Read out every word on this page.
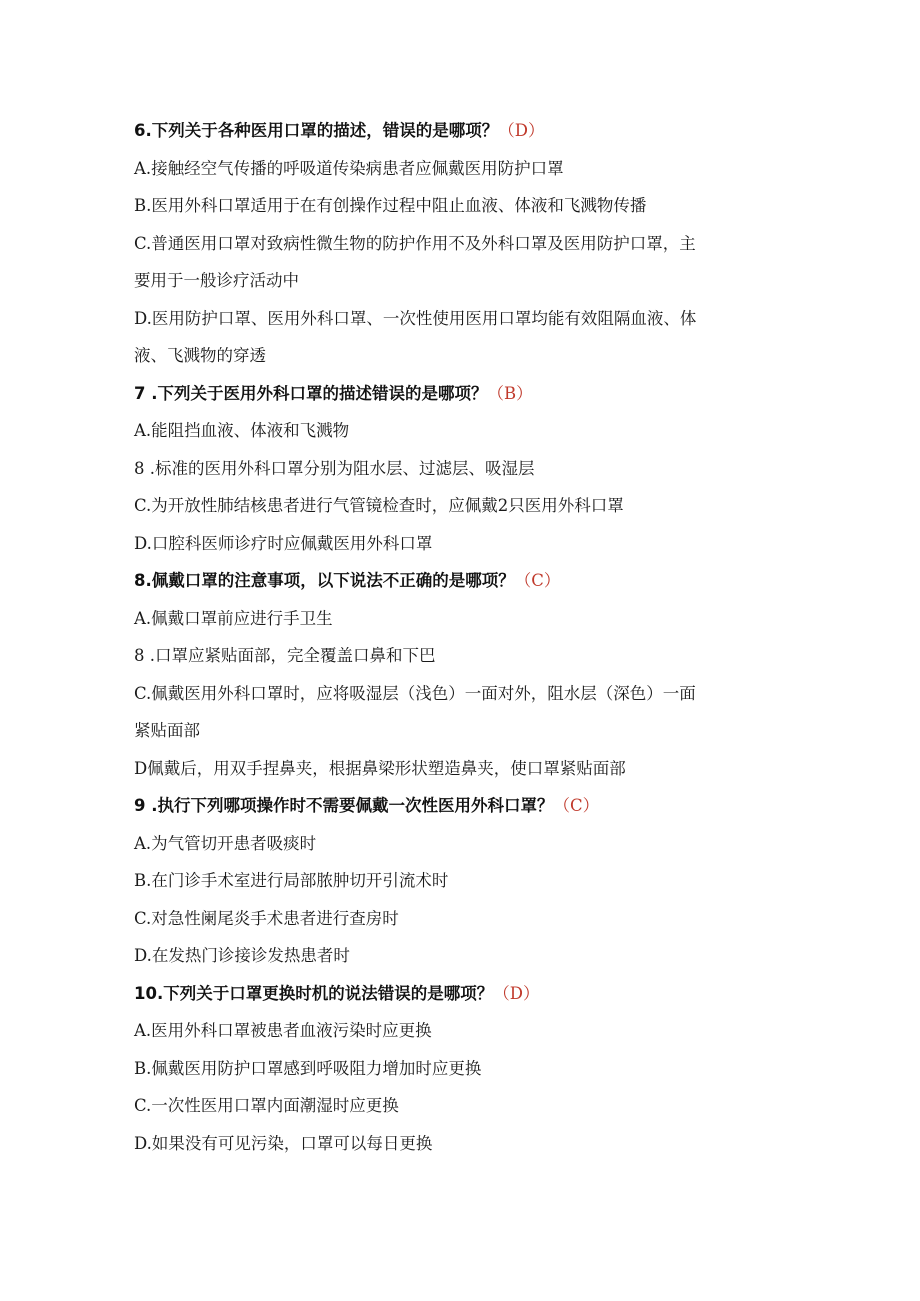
6.下列关于各种医用口罩的描述，错误的是哪项？（D）
A.接触经空气传播的呼吸道传染病患者应佩戴医用防护口罩
B.医用外科口罩适用于在有创操作过程中阻止血液、体液和飞溅物传播
C.普通医用口罩对致病性微生物的防护作用不及外科口罩及医用防护口罩，主
要用于一般诊疗活动中
D.医用防护口罩、医用外科口罩、一次性使用医用口罩均能有效阻隔血液、体
液、飞溅物的穿透
7 .下列关于医用外科口罩的描述错误的是哪项？（B）
A.能阻挡血液、体液和飞溅物
8 .标准的医用外科口罩分别为阻水层、过滤层、吸湿层
C.为开放性肺结核患者进行气管镜检查时，应佩戴2只医用外科口罩
D.口腔科医师诊疗时应佩戴医用外科口罩
8.佩戴口罩的注意事项，以下说法不正确的是哪项？（C）
A.佩戴口罩前应进行手卫生
8 .口罩应紧贴面部，完全覆盖口鼻和下巴
C.佩戴医用外科口罩时，应将吸湿层（浅色）一面对外，阻水层（深色）一面
紧贴面部
D佩戴后，用双手捏鼻夹，根据鼻梁形状塑造鼻夹，使口罩紧贴面部
9 .执行下列哪项操作时不需要佩戴一次性医用外科口罩？（C）
A.为气管切开患者吸痰时
B.在门诊手术室进行局部脓肿切开引流术时
C.对急性阑尾炎手术患者进行查房时
D.在发热门诊接诊发热患者时
10.下列关于口罩更换时机的说法错误的是哪项？（D）
A.医用外科口罩被患者血液污染时应更换
B.佩戴医用防护口罩感到呼吸阻力增加时应更换
C.一次性医用口罩内面潮湿时应更换
D.如果没有可见污染，口罩可以每日更换
